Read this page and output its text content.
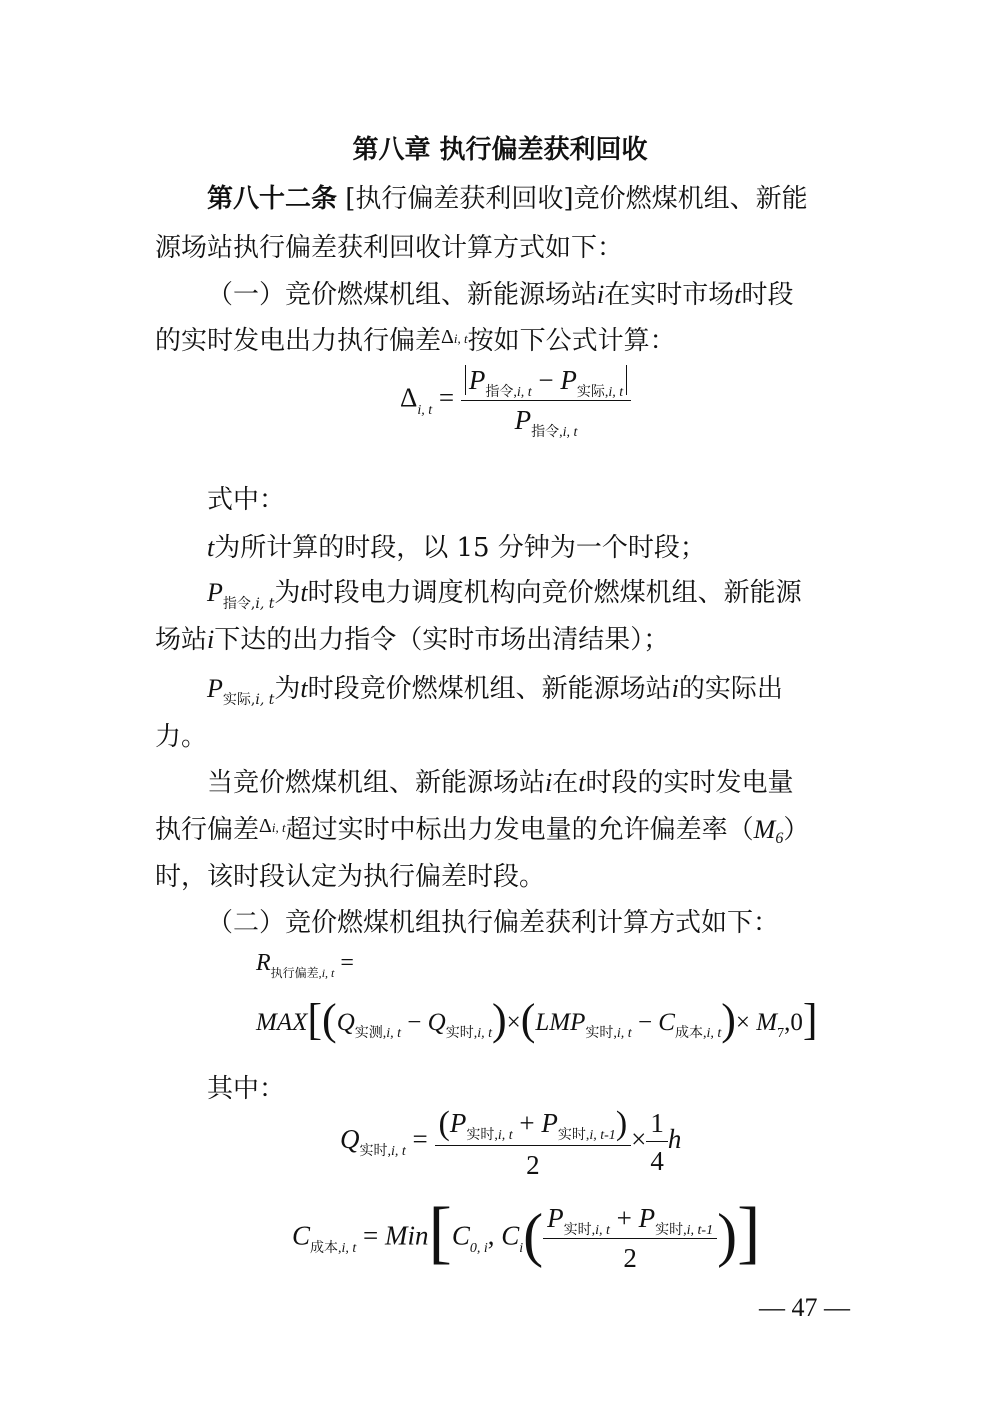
第八章 执行偏差获利回收
第八十二条 [执行偏差获利回收]竞价燃煤机组、新能
源场站执行偏差获利回收计算方式如下：
（一）竞价燃煤机组、新能源场站i在实时市场t时段
的实时发电出力执行偏差$^{\Delta i, t}$按如下公式计算：
$\Delta_{i, t} = \frac{P_{指令,i, t} - P_{实际,i, t}}{P_{指令,i, t}}$
式中：
t为所计算的时段，以 15 分钟为一个时段；
$P_{指令,i, t}$为t时段电力调度机构向竞价燃煤机组、新能源
场站i下达的出力指令（实时市场出清结果）；
$P_{实际,i, t}$为t时段竞价燃煤机组、新能源场站i的实际出
力。
当竞价燃煤机组、新能源场站i在t时段的实时发电量
执行偏差$^{\Delta i, t}$超过实时中标出力发电量的允许偏差率（M6）
时，该时段认定为执行偏差时段。
（二）竞价燃煤机组执行偏差获利计算方式如下：
$R_{执行偏差,i, t}$ =
$MAX[(Q_{实测,i, t} - Q_{实时,i, t})\times(LMP_{实时,i, t} - C_{成本,i, t})\times M_7,0]$
其中：
$Q_{实时,i, t} = \frac{(P_{实时,i, t} + P_{实时,i, t-1})}{2} \times \frac{1}{4}$ h
$C_{成本,i, t} = Min[C_{0, i}$, $C_i( \frac{P_{实时,i, t} + P_{实时,i, t-1}}{2}$ )]
— 47 —
